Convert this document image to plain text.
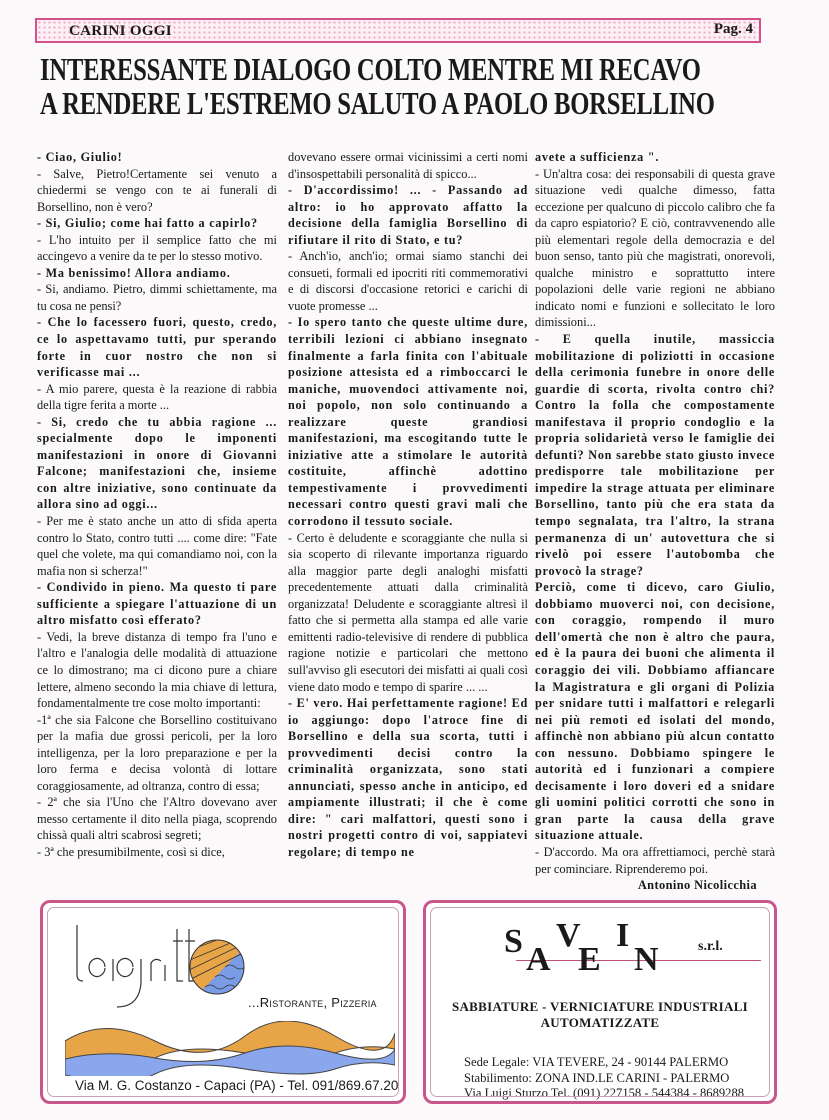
CARINI OGGI	Pag. 4
INTERESSANTE DIALOGO COLTO MENTRE MI RECAVO
A RENDERE L'ESTREMO SALUTO A PAOLO BORSELLINO

- Ciao, Giulio!

- Salve, Pietro!Certamente sei venuto a chiedermi se vengo con te ai funerali di Borsellino, non è vero?

- Si, Giulio; come hai fatto a capirlo?

- L'ho intuito per il semplice fatto che mi accingevo a venire da te per lo stesso motivo.

- Ma benissimo! Allora andiamo.

- Si, andiamo. Pietro, dimmi schiettamente, ma tu cosa ne pensi?

- Che lo facessero fuori, questo, credo, ce lo aspettavamo tutti, pur sperando forte in cuor nostro che non si verificasse mai ...

- A mio parere, questa è la reazione di rabbia della tigre ferita a morte ...

- Si, credo che tu abbia ragione ... specialmente dopo le imponenti manifestazioni in onore di Giovanni Falcone; manifestazioni che, insieme con altre iniziative, sono continuate da allora sino ad oggi...

- Per me è stato anche un atto di sfida aperta contro lo Stato, contro tutti .... come dire: "Fate quel che volete, ma qui comandiamo noi, con la mafia non si scherza!"

- Condivido in pieno. Ma questo ti pare sufficiente a spiegare l'attuazione di un altro misfatto così efferato?

- Vedi, la breve distanza di tempo fra l'uno e l'altro e l'analogia delle modalità di attuazione ce lo dimostrano; ma ci dicono pure a chiare lettere, almeno secondo la mia chiave di lettura, fondamentalmente tre cose molto importanti:

-1ª che sia Falcone che Borsellino costituivano per la mafia due grossi pericoli, per la loro intelligenza, per la loro preparazione e per la loro ferma e decisa volontà di lottare coraggiosamente, ad oltranza, contro di essa;

- 2ª che sia l'Uno che l'Altro dovevano aver messo certamente il dito nella piaga, scoprendo chissà quali altri scabrosi segreti;

- 3ª che presumibilmente, così si dice,

dovevano essere ormai vicinissimi a certi nomi d'insospettabili personalità di spicco...

- D'accordissimo! ... - Passando ad altro: io ho approvato affatto la decisione della famiglia Borsellino di rifiutare il rito di Stato, e tu?

- Anch'io, anch'io; ormai siamo stanchi dei consueti, formali ed ipocriti riti commemorativi e di discorsi d'occasione retorici e carichi di vuote promesse ...

- Io spero tanto che queste ultime dure, terribili lezioni ci abbiano insegnato finalmente a farla finita con l'abituale posizione attesista ed a rimboccarci le maniche, muovendoci attivamente noi, noi popolo, non solo continuando a realizzare queste grandiosi manifestazioni, ma escogitando tutte le iniziative atte a stimolare le autorità costituite, affinchè adottino tempestivamente i provvedimenti necessari contro questi gravi mali che corrodono il tessuto sociale.

- Certo è deludente e scoraggiante che nulla si sia scoperto di rilevante importanza riguardo alla maggior parte degli analoghi misfatti precedentemente attuati dalla criminalità organizzata! Deludente e scoraggiante altresì il fatto che si permetta alla stampa ed alle varie emittenti radio-televisive di rendere di pubblica ragione notizie e particolari che mettono sull'avviso gli esecutori dei misfatti ai quali così viene dato modo e tempo di sparire ... ...

- E' vero. Hai perfettamente ragione! Ed io aggiungo: dopo l'atroce fine di Borsellino e della sua scorta, tutti i provvedimenti decisi contro la criminalità organizzata, sono stati annunciati, spesso anche in anticipo, ed ampiamente illustrati; il che è come dire: " cari malfattori, questi sono i nostri progetti contro di voi, sappiatevi regolare; di tempo ne

avete a sufficienza ".

- Un'altra cosa: dei responsabili di questa grave situazione vedi qualche dimesso, fatta eccezione per qualcuno di piccolo calibro che fa da capro espiatorio? E ciò, contravvenendo alle più elementari regole della democrazia e del buon senso, tanto più che magistrati, onorevoli, qualche ministro e soprattutto intere popolazioni delle varie regioni ne abbiano indicato nomi e funzioni e sollecitato le loro dimissioni...

- E quella inutile, massiccia mobilitazione di poliziotti in occasione della cerimonia funebre in onore delle guardie di scorta, rivolta contro chi? Contro la folla che compostamente manifestava il proprio condoglio e la propria solidarietà verso le famiglie dei defunti? Non sarebbe stato giusto invece predisporre tale mobilitazione per impedire la strage attuata per eliminare Borsellino, tanto più che era stata da tempo segnalata, tra l'altro, la strana permanenza di un' autovettura che si rivelò poi essere l'autobomba che provocò la strage?

Perciò, come ti dicevo, caro Giulio, dobbiamo muoverci noi, con decisione, con coraggio, rompendo il muro dell'omertà che non è altro che paura, ed è la paura dei buoni che alimenta il coraggio dei vili. Dobbiamo affiancare la Magistratura e gli organi di Polizia per snidare tutti i malfattori e relegarli nei più remoti ed isolati del mondo, affinchè non abbiano più alcun contatto con nessuno. Dobbiamo spingere le autorità ed i funzionari a compiere decisamente i loro doveri ed a snidare gli uomini politici corrotti che sono in gran parte la causa della grave situazione attuale.

- D'accordo. Ma ora affrettiamoci, perchè starà per cominciare. Riprenderemo poi.

Antonino Nicolicchia
...Ristorante, Pizzeria
Via M. G. Costanzo - Capaci (PA) - Tel. 091/869.67.20
S A
V
E
I
N	s.r.l.
SABBIATURE - VERNICIATURE INDUSTRIALI
AUTOMATIZZATE
Sede Legale: VIA TEVERE, 24 - 90144 PALERMO
Stabilimento: ZONA IND.LE CARINI - PALERMO
Via Luigi Sturzo Tel. (091) 227158 - 544384 - 8689288
